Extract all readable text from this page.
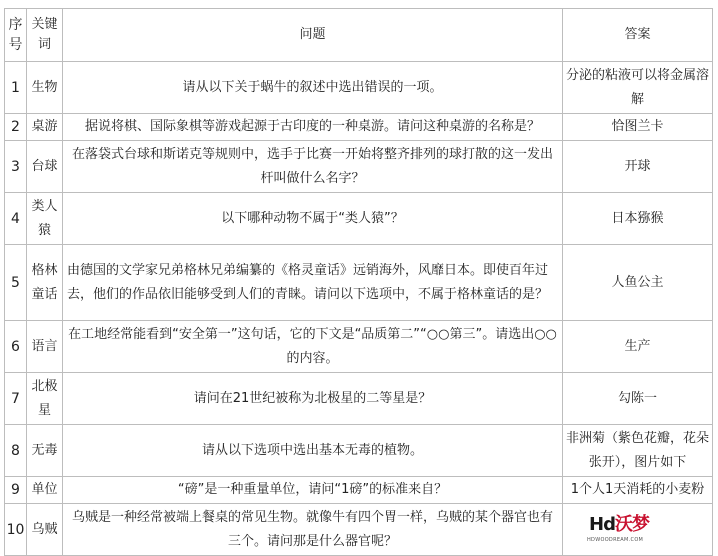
序号	关键词	问题	答案
1	生物	请从以下关于蜗牛的叙述中选出错误的一项。	分泌的粘液可以将金属溶解
2	桌游	据说将棋、国际象棋等游戏起源于古印度的一种桌游。请问这种桌游的名称是？	恰图兰卡
3	台球	在落袋式台球和斯诺克等规则中，选手于比赛一开始将整齐排列的球打散的这一发出杆叫做什么名字？	开球
4	类人猿	以下哪种动物不属于“类人猿”？	日本猕猴
5	格林童话	由德国的文学家兄弟格林兄弟编纂的《格灵童话》远销海外，风靡日本。即使百年过去，他们的作品依旧能够受到人们的青睐。请问以下选项中，不属于格林童话的是？	人鱼公主
6	语言	在工地经常能看到“安全第一”这句话，它的下文是“品质第二”“○○第三”。请选出○○的内容。	生产
7	北极星	请问在21世纪被称为北极星的二等星是？	勾陈一
8	无毒	请从以下选项中选出基本无毒的植物。	非洲菊（紫色花瓣，花朵张开），图片如下
9	单位	“磅”是一种重量单位，请问“1磅”的标准来自？	1个人1天消耗的小麦粉
10	乌贼	乌贼是一种经常被端上餐桌的常见生物。就像牛有四个胃一样，乌贼的某个器官也有三个。请问那是什么器官呢？	
Hd沃梦
HDWOODREAM.COM
